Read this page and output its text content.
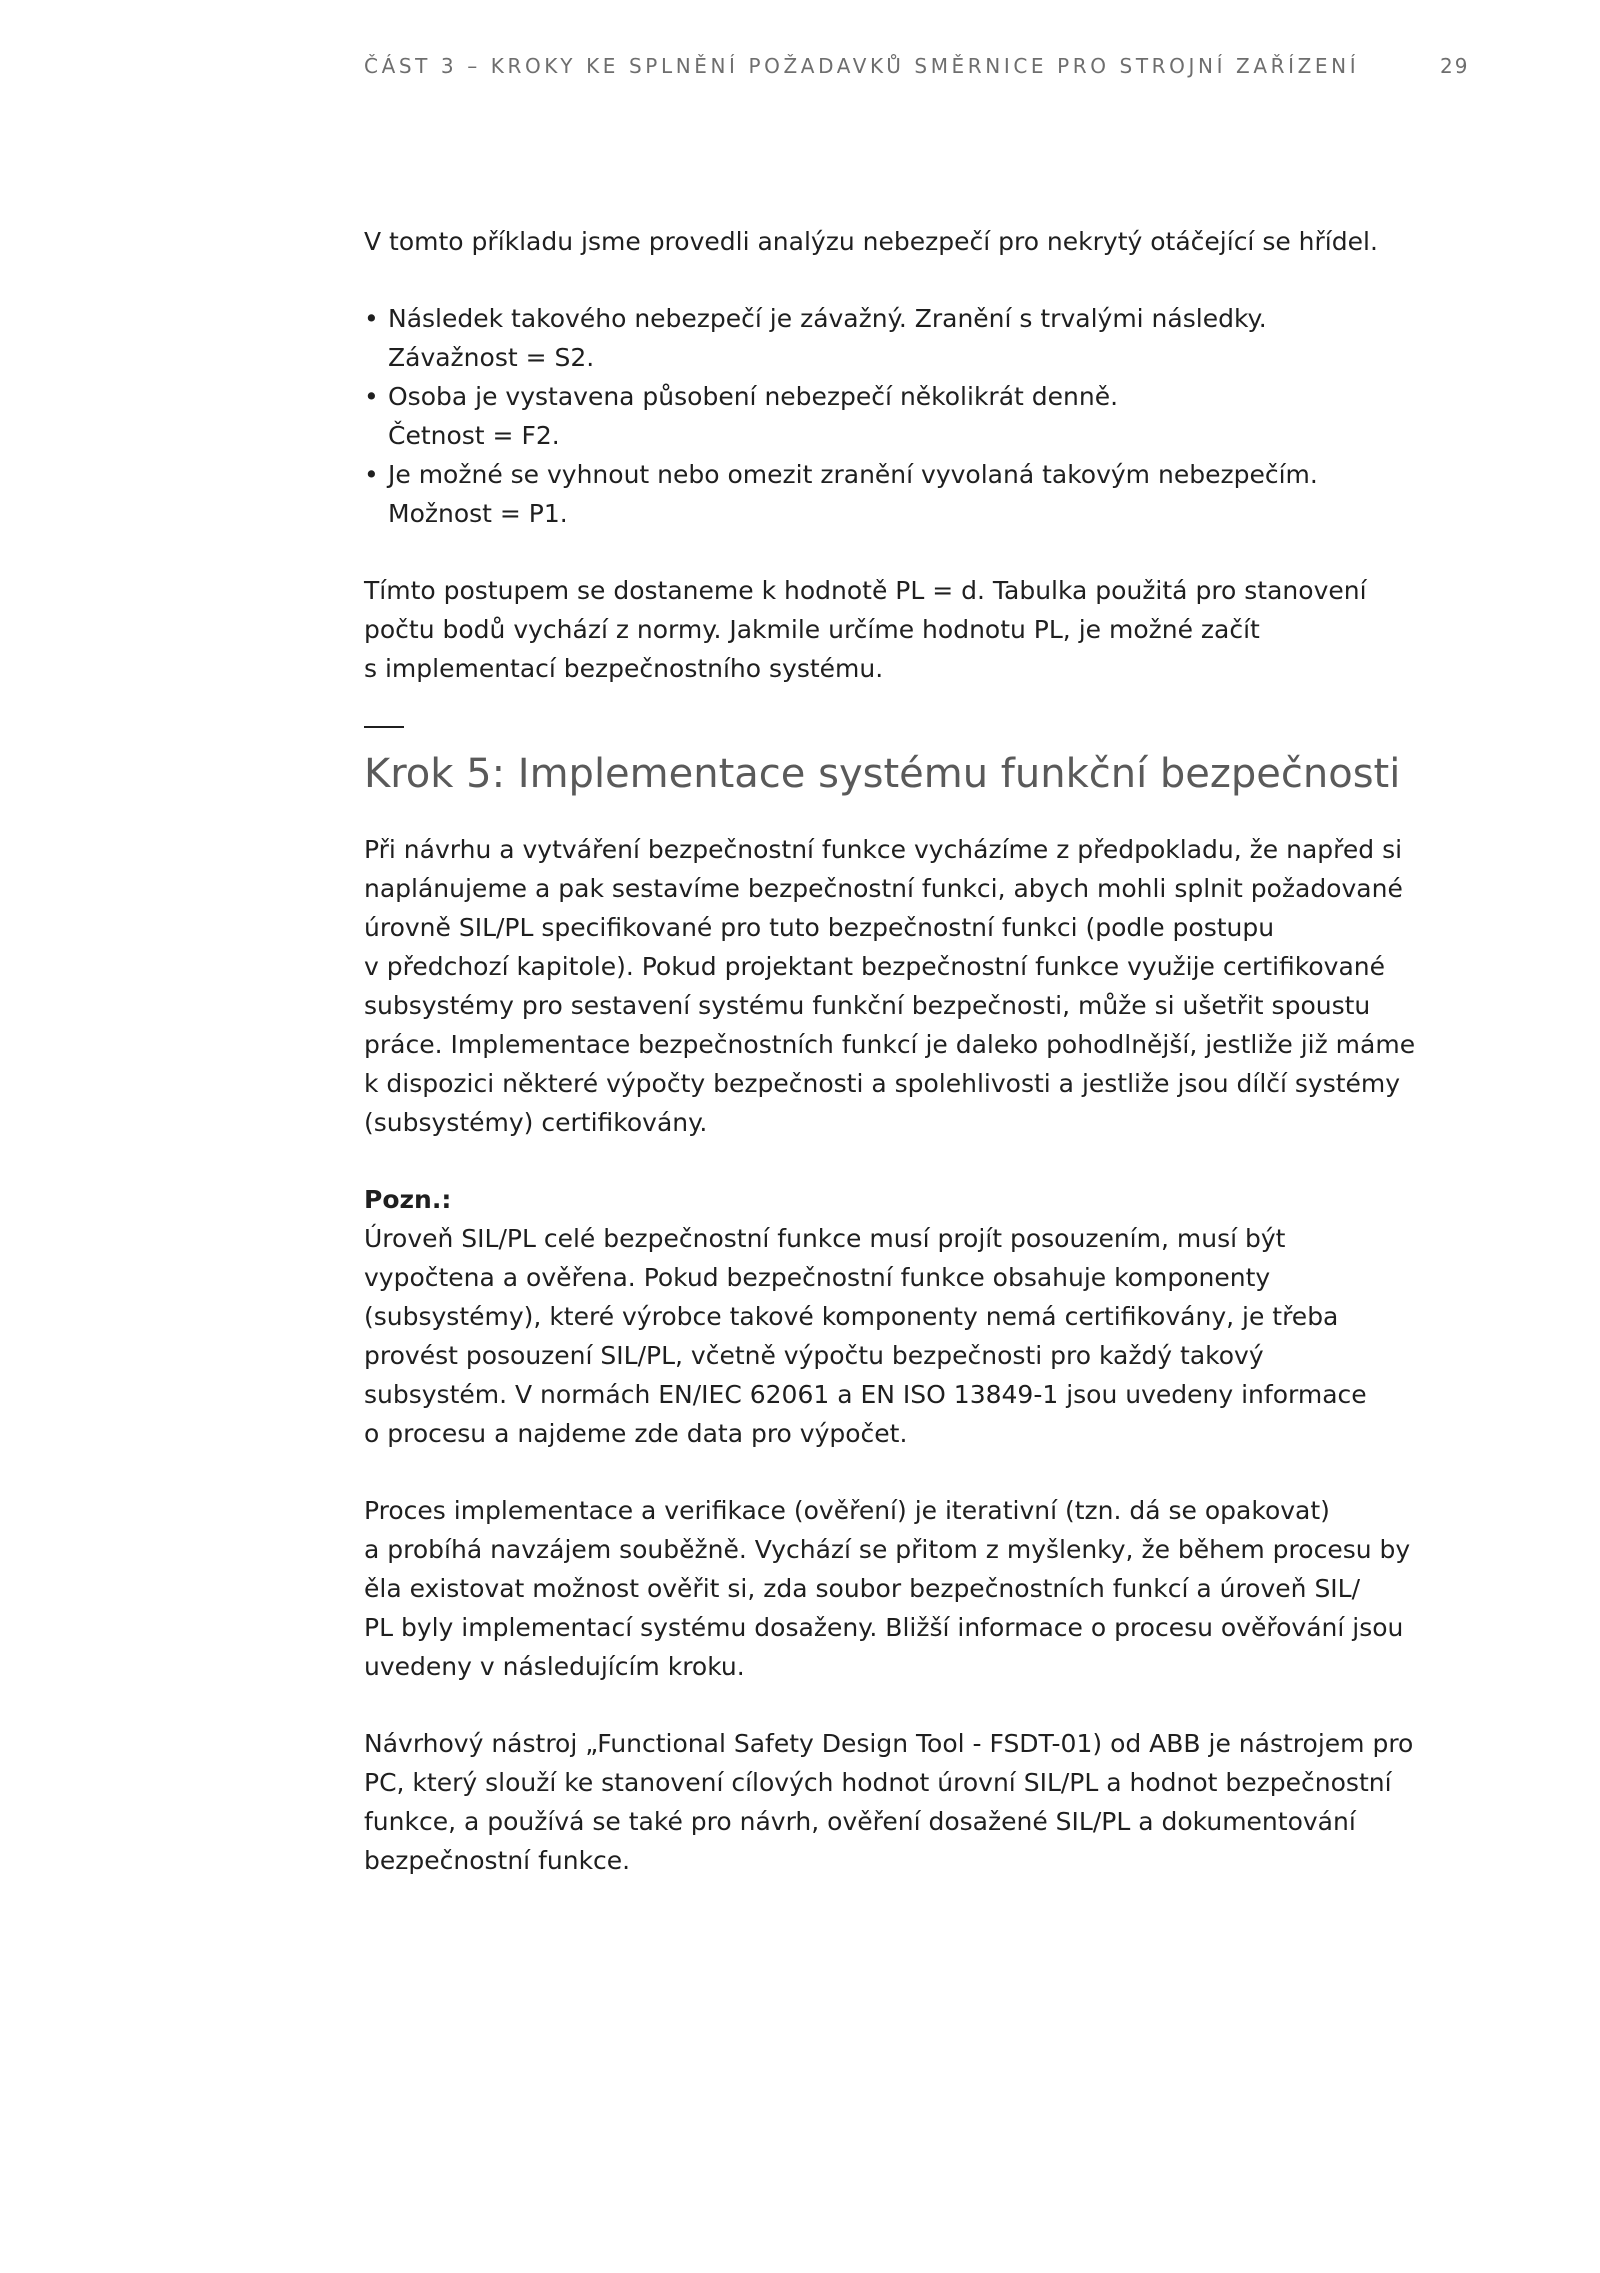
ČÁST 3 – KROKY KE SPLNĚNÍ POŽADAVKŮ SMĚRNICE PRO STROJNÍ ZAŘÍZENÍ	29

V tomto příkladu jsme provedli analýzu nebezpečí pro nekrytý otáčející se hřídel.

• Následek takového nebezpečí je závažný. Zranění s trvalými následky.
Závažnost = S2.
• Osoba je vystavena působení nebezpečí několikrát denně.
Četnost = F2.
• Je možné se vyhnout nebo omezit zranění vyvolaná takovým nebezpečím.
Možnost = P1.

Tímto postupem se dostaneme k hodnotě PL = d. Tabulka použitá pro stanovení
počtu bodů vychází z normy. Jakmile určíme hodnotu PL, je možné začít
s implementací bezpečnostního systému.

Krok 5: Implementace systému funkční bezpečnosti

Při návrhu a vytváření bezpečnostní funkce vycházíme z předpokladu, že napřed si
naplánujeme a pak sestavíme bezpečnostní funkci, abych mohli splnit požadované
úrovně SIL/PL specifikované pro tuto bezpečnostní funkci (podle postupu
v předchozí kapitole). Pokud projektant bezpečnostní funkce využije certifikované
subsystémy pro sestavení systému funkční bezpečnosti, může si ušetřit spoustu
práce. Implementace bezpečnostních funkcí je daleko pohodlnější, jestliže již máme
k dispozici některé výpočty bezpečnosti a spolehlivosti a jestliže jsou dílčí systémy
(subsystémy) certifikovány.

Pozn.:

Úroveň SIL/PL celé bezpečnostní funkce musí projít posouzením, musí být
vypočtena a ověřena. Pokud bezpečnostní funkce obsahuje komponenty
(subsystémy), které výrobce takové komponenty nemá certifikovány, je třeba
provést posouzení SIL/PL, včetně výpočtu bezpečnosti pro každý takový
subsystém. V normách EN/IEC 62061 a EN ISO 13849-1 jsou uvedeny informace
o procesu a najdeme zde data pro výpočet.

Proces implementace a verifikace (ověření) je iterativní (tzn. dá se opakovat)
a probíhá navzájem souběžně. Vychází se přitom z myšlenky, že během procesu by
ěla existovat možnost ověřit si, zda soubor bezpečnostních funkcí a úroveň SIL/
PL byly implementací systému dosaženy. Bližší informace o procesu ověřování jsou
uvedeny v následujícím kroku.

Návrhový nástroj „Functional Safety Design Tool - FSDT-01) od ABB je nástrojem pro
PC, který slouží ke stanovení cílových hodnot úrovní SIL/PL a hodnot bezpečnostní
funkce, a používá se také pro návrh, ověření dosažené SIL/PL a dokumentování
bezpečnostní funkce.
